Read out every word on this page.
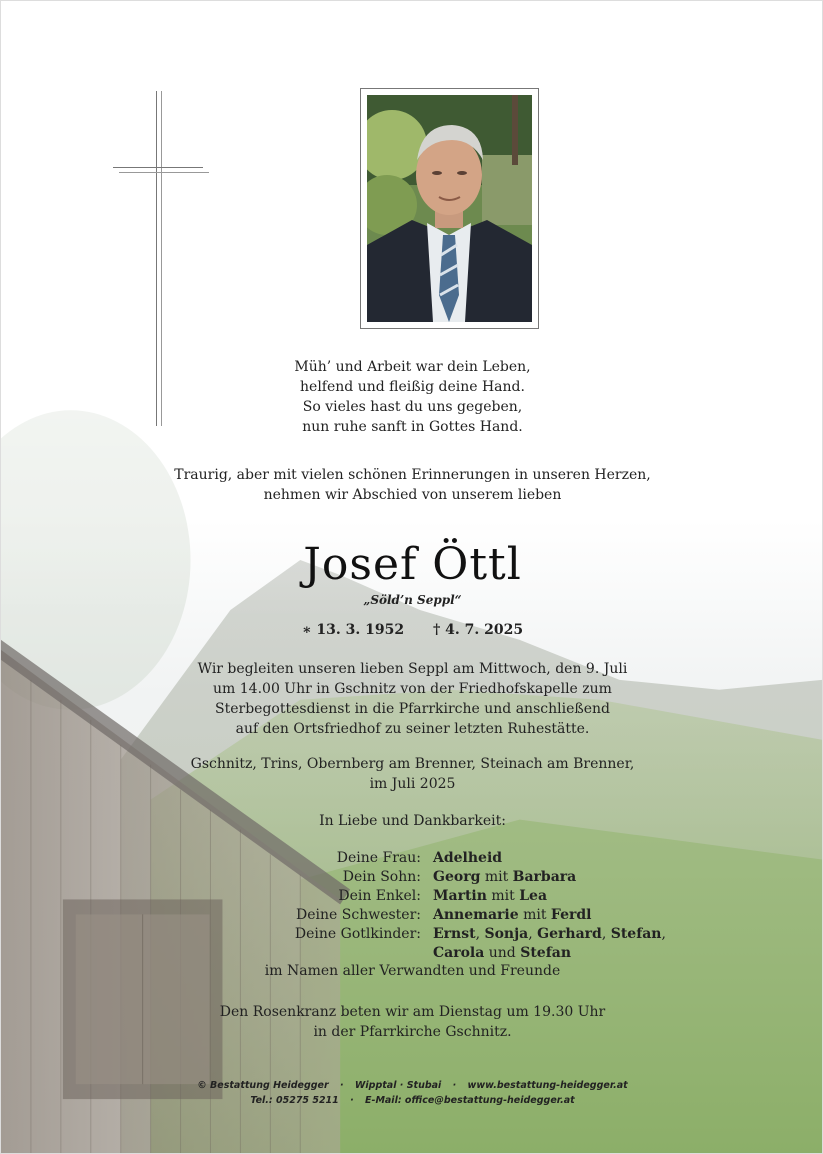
Müh’ und Arbeit war dein Leben,
helfend und fleißig deine Hand.
So vieles hast du uns gegeben,
nun ruhe sanft in Gottes Hand.
Traurig, aber mit vielen schönen Erinnerungen in unseren Herzen,
nehmen wir Abschied von unserem lieben
Josef Öttl
„Söld’n Seppl“
∗ 13. 3. 1952 † 4. 7. 2025
Wir begleiten unseren lieben Seppl am Mittwoch, den 9. Juli
um 14.00 Uhr in Gschnitz von der Friedhofskapelle zum
Sterbegottesdienst in die Pfarrkirche und anschließend
auf den Ortsfriedhof zu seiner letzten Ruhestätte.
Gschnitz, Trins, Obernberg am Brenner, Steinach am Brenner,
im Juli 2025
In Liebe und Dankbarkeit:
Deine Frau: Adelheid
Dein Sohn: Georg mit Barbara
Dein Enkel: Martin mit Lea
Deine Schwester: Annemarie mit Ferdl
Deine Gotlkinder: Ernst, Sonja, Gerhard, Stefan,
Carola und Stefan
im Namen aller Verwandten und Freunde
Den Rosenkranz beten wir am Dienstag um 19.30 Uhr
in der Pfarrkirche Gschnitz.
© Bestattung Heidegger · Wipptal · Stubai · www.bestattung-heidegger.at
Tel.: 05275 5211 · E-Mail: office@bestattung-heidegger.at
